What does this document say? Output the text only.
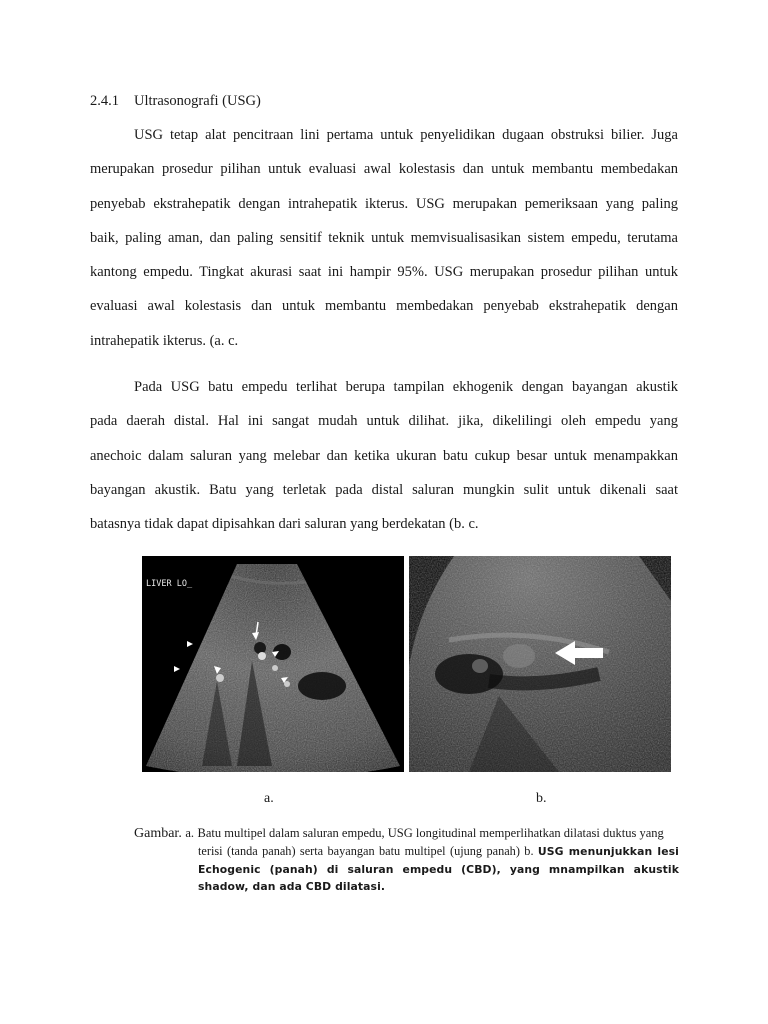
2.4.1 Ultrasonografi (USG)

USG tetap alat pencitraan lini pertama untuk penyelidikan dugaan obstruksi bilier. Juga
merupakan prosedur pilihan untuk evaluasi awal kolestasis dan untuk membantu membedakan
penyebab ekstrahepatik dengan intrahepatik ikterus. USG merupakan pemeriksaan yang paling
baik, paling aman, dan paling sensitif teknik untuk memvisualisasikan sistem empedu, terutama
kantong empedu. Tingkat akurasi saat ini hampir 95%. USG merupakan prosedur pilihan untuk
evaluasi awal kolestasis dan untuk membantu membedakan penyebab ekstrahepatik dengan
intrahepatik ikterus. (a. c.

Pada USG batu empedu terlihat berupa tampilan ekhogenik dengan bayangan akustik
pada daerah distal. Hal ini sangat mudah untuk dilihat. jika, dikelilingi oleh empedu yang
anechoic dalam saluran yang melebar dan ketika ukuran batu cukup besar untuk menampakkan
bayangan akustik. Batu yang terletak pada distal saluran mungkin sulit untuk dikenali saat
batasnya tidak dapat dipisahkan dari saluran yang berdekatan (b. c.

LIVER LO_
a.	b.
Gambar. a. Batu multipel dalam saluran empedu, USG longitudinal memperlihatkan dilatasi duktus yang
terisi (tanda panah) serta bayangan batu multipel (ujung panah) b. USG menunjukkan lesi
Echogenic (panah) di saluran empedu (CBD), yang mnampilkan akustik
shadow, dan ada CBD dilatasi.
